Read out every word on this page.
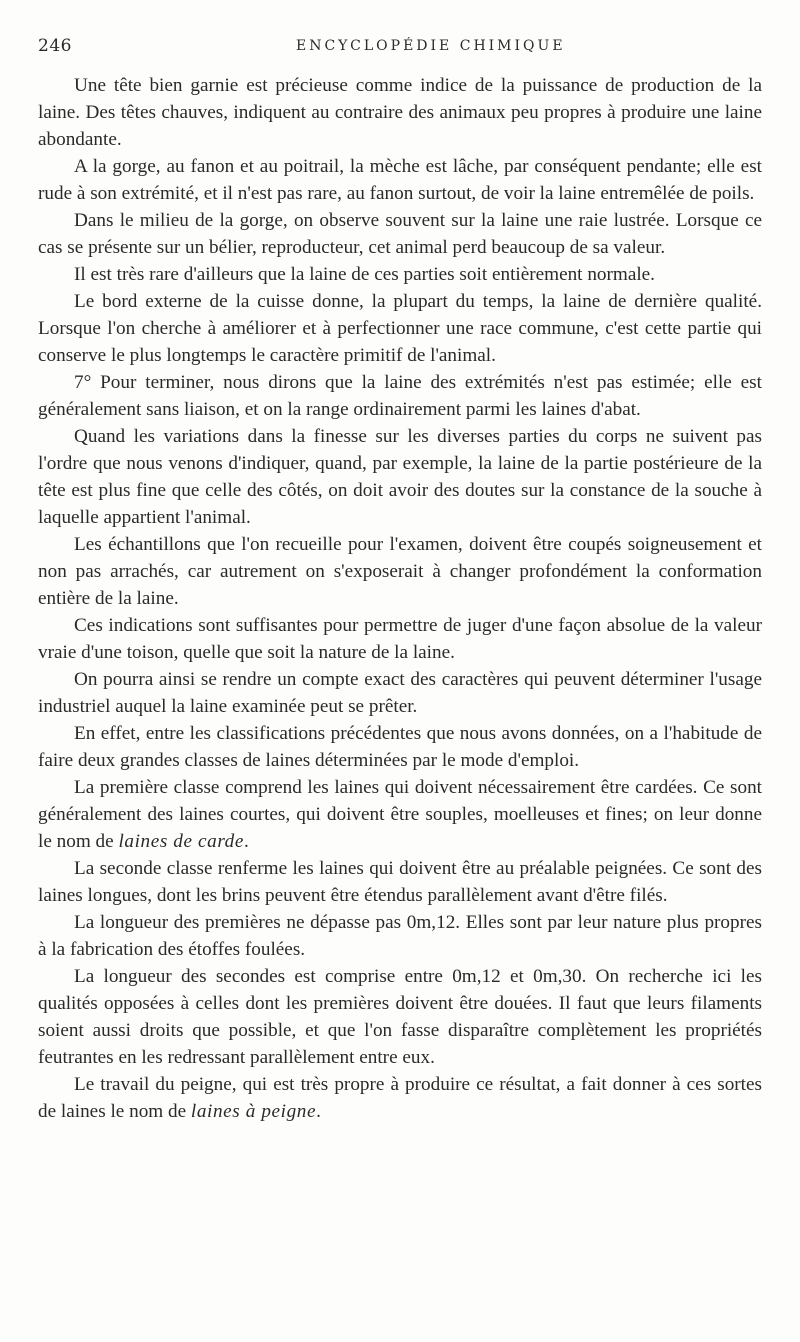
246	ENCYCLOPÉDIE CHIMIQUE

Une tête bien garnie est précieuse comme indice de la puissance de production de la laine. Des têtes chauves, indiquent au contraire des animaux peu propres à produire une laine abondante.

A la gorge, au fanon et au poitrail, la mèche est lâche, par conséquent pendante; elle est rude à son extrémité, et il n'est pas rare, au fanon surtout, de voir la laine entremêlée de poils.

Dans le milieu de la gorge, on observe souvent sur la laine une raie lustrée. Lorsque ce cas se présente sur un bélier, reproducteur, cet animal perd beaucoup de sa valeur.

Il est très rare d'ailleurs que la laine de ces parties soit entièrement normale.

Le bord externe de la cuisse donne, la plupart du temps, la laine de dernière qualité. Lorsque l'on cherche à améliorer et à perfectionner une race commune, c'est cette partie qui conserve le plus longtemps le caractère primitif de l'animal.

7° Pour terminer, nous dirons que la laine des extrémités n'est pas estimée; elle est généralement sans liaison, et on la range ordinairement parmi les laines d'abat.

Quand les variations dans la finesse sur les diverses parties du corps ne suivent pas l'ordre que nous venons d'indiquer, quand, par exemple, la laine de la partie postérieure de la tête est plus fine que celle des côtés, on doit avoir des doutes sur la constance de la souche à laquelle appartient l'animal.

Les échantillons que l'on recueille pour l'examen, doivent être coupés soigneusement et non pas arrachés, car autrement on s'exposerait à changer profondément la conformation entière de la laine.

Ces indications sont suffisantes pour permettre de juger d'une façon absolue de la valeur vraie d'une toison, quelle que soit la nature de la laine.

On pourra ainsi se rendre un compte exact des caractères qui peuvent déterminer l'usage industriel auquel la laine examinée peut se prêter.

En effet, entre les classifications précédentes que nous avons données, on a l'habitude de faire deux grandes classes de laines déterminées par le mode d'emploi.

La première classe comprend les laines qui doivent nécessairement être cardées. Ce sont généralement des laines courtes, qui doivent être souples, moelleuses et fines; on leur donne le nom de laines de carde.

La seconde classe renferme les laines qui doivent être au préalable peignées. Ce sont des laines longues, dont les brins peuvent être étendus parallèlement avant d'être filés.

La longueur des premières ne dépasse pas 0m,12. Elles sont par leur nature plus propres à la fabrication des étoffes foulées.

La longueur des secondes est comprise entre 0m,12 et 0m,30. On recherche ici les qualités opposées à celles dont les premières doivent être douées. Il faut que leurs filaments soient aussi droits que possible, et que l'on fasse disparaître complètement les propriétés feutrantes en les redressant parallèlement entre eux.

Le travail du peigne, qui est très propre à produire ce résultat, a fait donner à ces sortes de laines le nom de laines à peigne.
